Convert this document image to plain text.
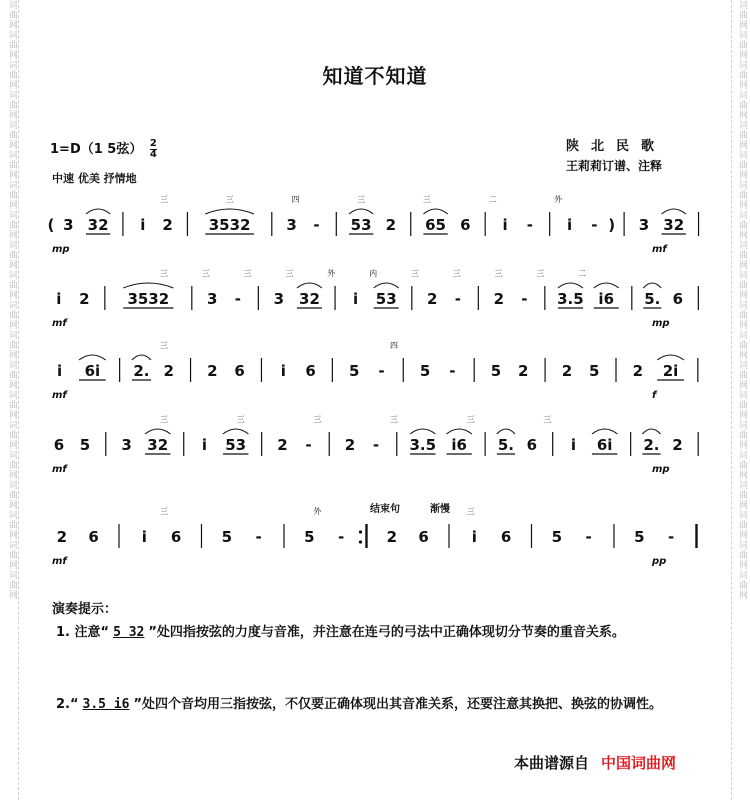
词曲网词曲网词曲网词曲网词曲网词曲网词曲网词曲网词曲网词曲网词曲网词曲网词曲网词曲网词曲网词曲网词曲网词曲网词曲网词曲网	词曲网词曲网词曲网词曲网词曲网词曲网词曲网词曲网词曲网词曲网词曲网词曲网词曲网词曲网词曲网词曲网词曲网词曲网词曲网词曲网
知道不知道
1=D（1 5弦） $\frac{2}{4}$	陕北民歌
王莉莉订谱、注释
中速 优美 抒情地
( 3 32 i 2 3532 3 - 53 2 65 6 i - i - ) 3 32
mp	mf
三	三	四	三	三	二	外
i 2	3532	3 - 3 32 i 53 2 - 2 - 3.5 i6 5. 6
mf	mp
三	三	三	三	外	内	三	三	三	三	二
i 6i 2. 2 2 6 i 6 5 - 5 - 5 2 2 5 2 2i
mf	f
三	四
6 5 3 32 i 53 2 - 2 - 3.5 i6 5. 6 i 6i 2. 2
mf	mp
三	三	三	三	三	三
2 6	i 6	5 -	5 -	2 6	i 6	5 -	5 -
mf	pp
三	外	三
结束句	渐慢
演奏提示：
1. 注意“ 5 32 ”处四指按弦的力度与音准，并注意在连弓的弓法中正确体现切分节奏的重音关系。
2.“ 3.5 i6 ”处四个音均用三指按弦，不仅要正确体现出其音准关系，还要注意其换把、换弦的协调性。
本曲谱源自 中国词曲网
